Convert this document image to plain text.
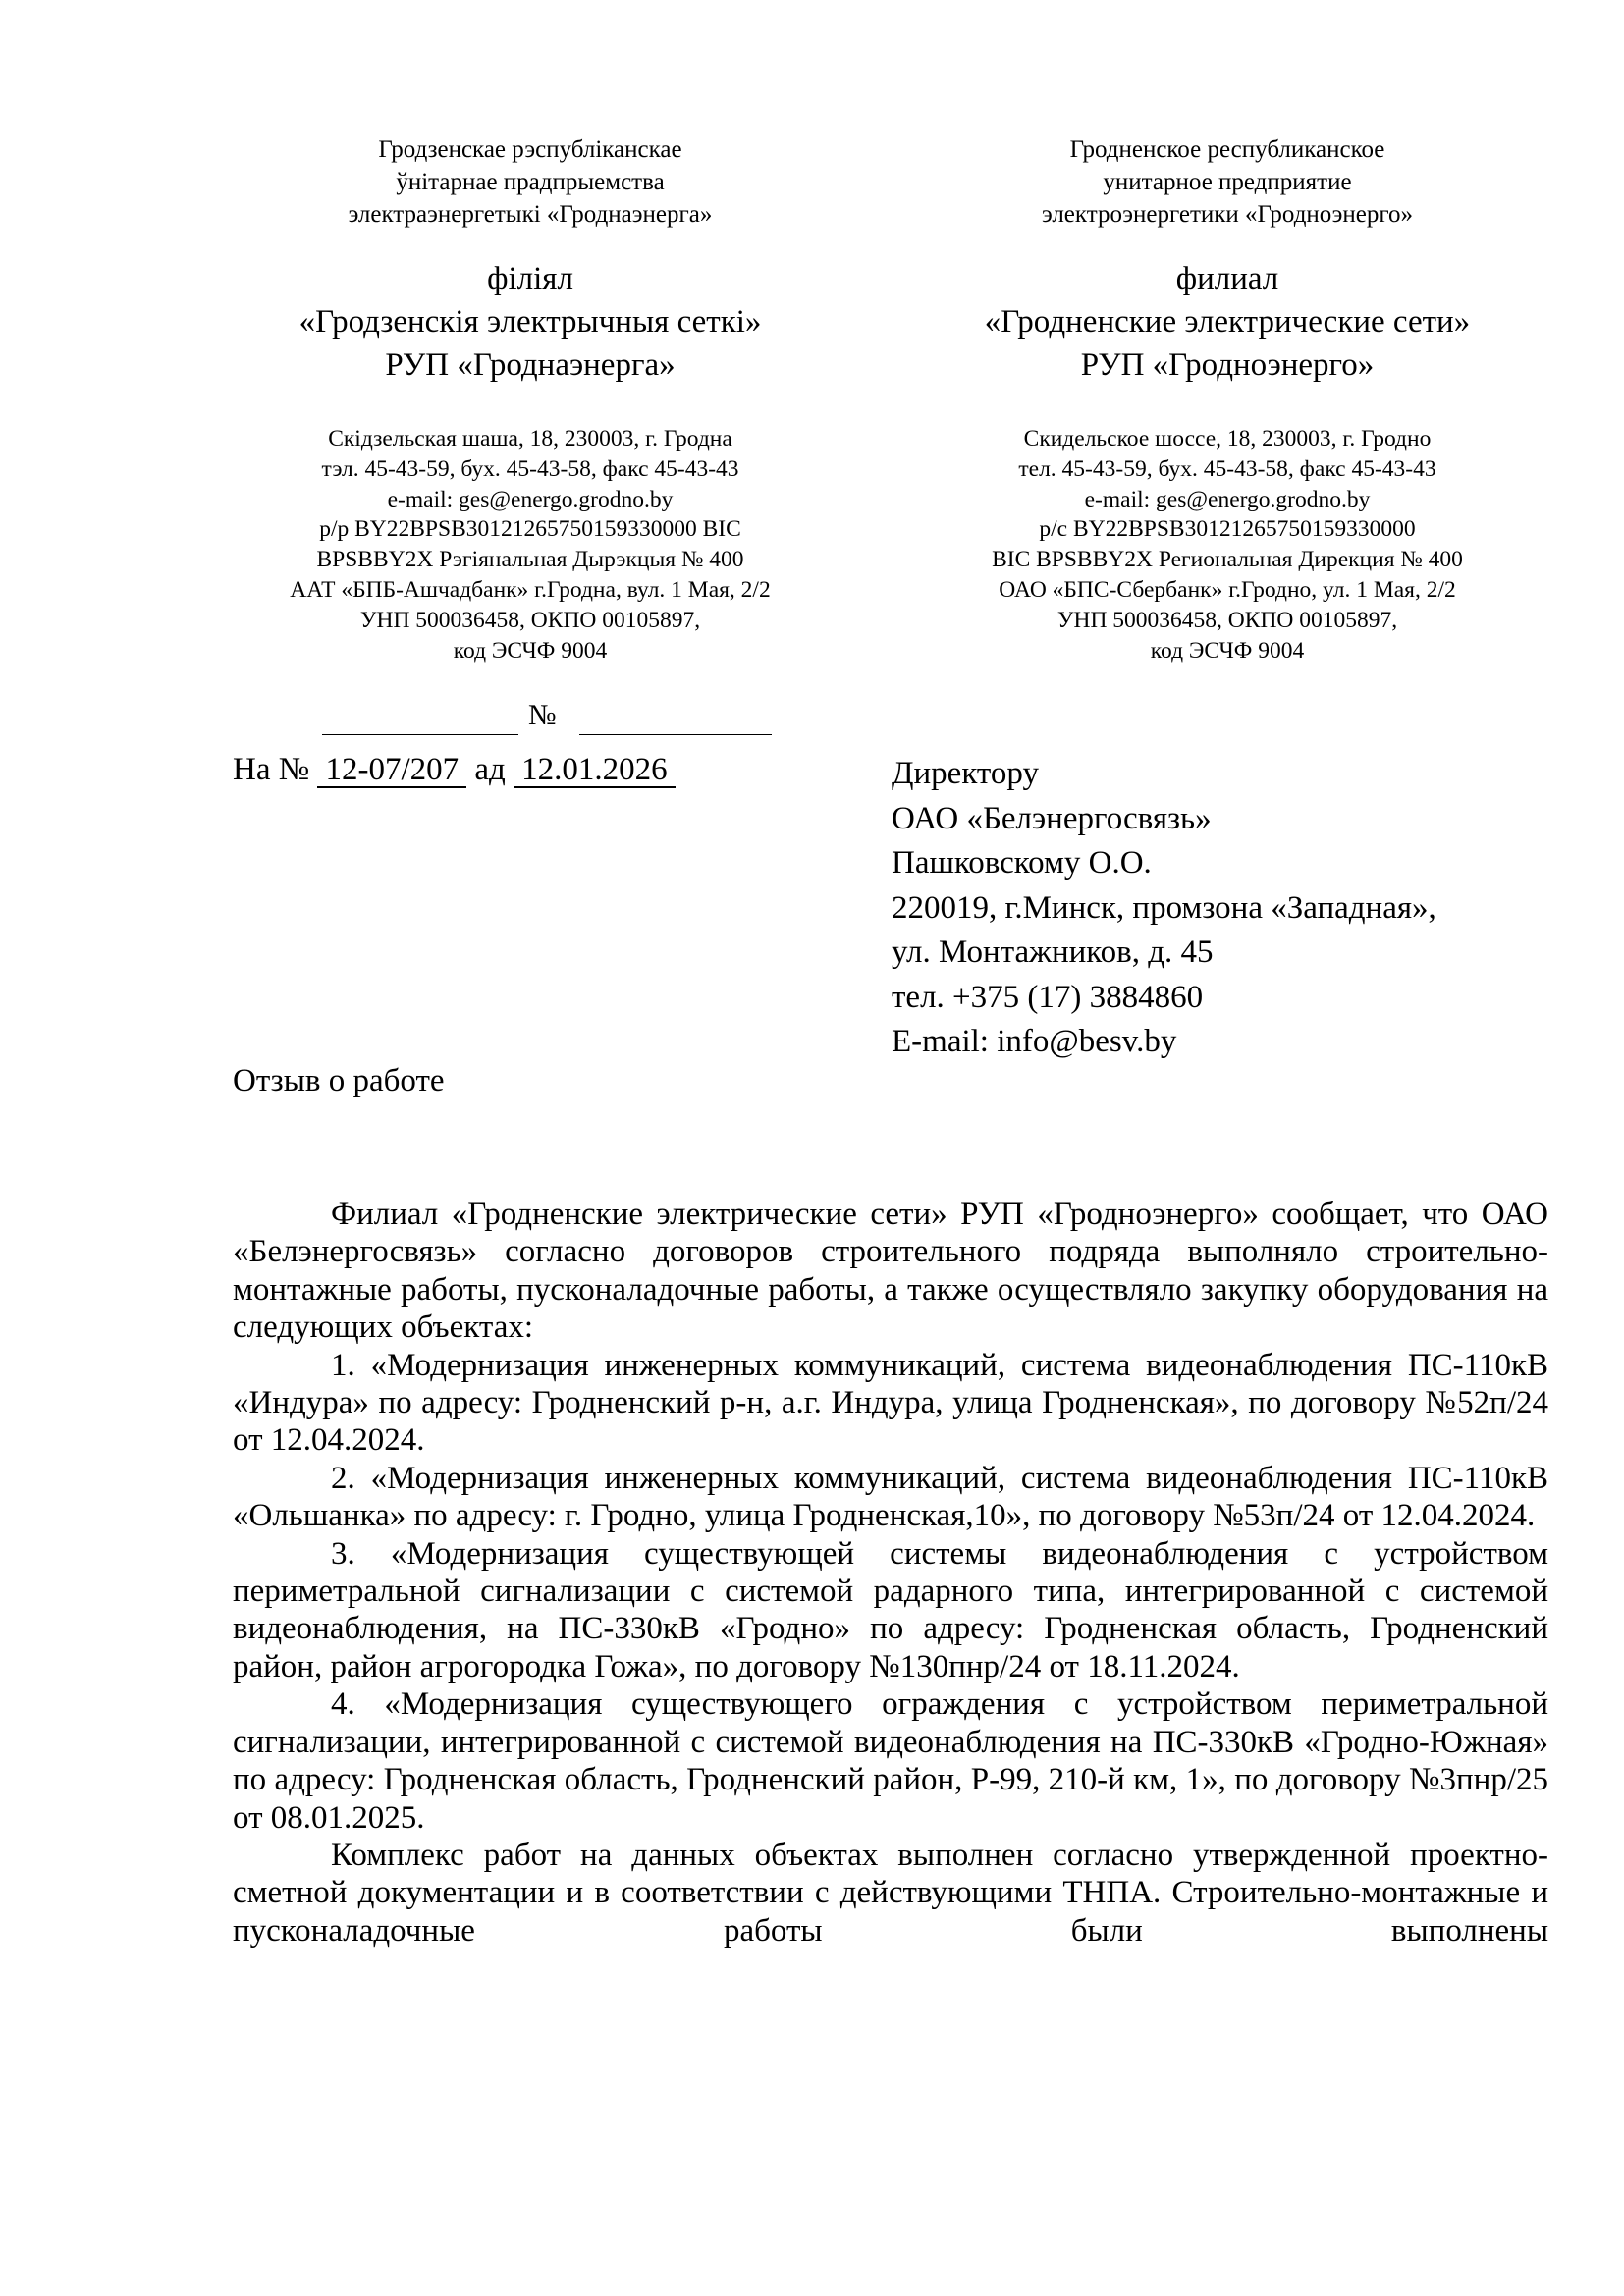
Гродзенскае рэспубліканскае
ўнітарнае прадпрыемства
электраэнергетыкі «Гроднаэнерга»
філіял
«Гродзенскія электрычныя сеткі»
РУП «Гроднаэнерга»
Скідзельская шаша, 18, 230003, г. Гродна
тэл. 45-43-59, бух. 45-43-58, факс 45-43-43
e-mail: ges@energo.grodno.by
р/р BY22BPSB30121265750159330000 BIC
BPSBBY2X Рэгіянальная Дырэкцыя № 400
ААТ «БПБ-Ашчадбанк» г.Гродна, вул. 1 Мая, 2/2
УНП 500036458, ОКПО 00105897,
код ЭСЧФ 9004
Гродненское республиканское
унитарное предприятие
электроэнергетики «Гродноэнерго»
филиал
«Гродненские электрические сети»
РУП «Гродноэнерго»
Скидельское шоссе, 18, 230003, г. Гродно
тел. 45-43-59, бух. 45-43-58, факс 45-43-43
e-mail: ges@energo.grodno.by
р/с BY22BPSB30121265750159330000
BIC BPSBBY2X Региональная Дирекция № 400
ОАО «БПС-Сбербанк» г.Гродно, ул. 1 Мая, 2/2
УНП 500036458, ОКПО 00105897,
код ЭСЧФ 9004
№
На № 12-07/207 ад 12.01.2026	Директору
ОАО «Белэнергосвязь»
Пашковскому О.О.
220019, г.Минск, промзона «Западная»,
ул. Монтажников, д. 45
тел. +375 (17) 3884860
E-mail: info@besv.by
Отзыв о работе

Филиал «Гродненские электрические сети» РУП «Гродноэнерго» сообщает, что ОАО «Белэнергосвязь» согласно договоров строительного подряда выполняло строительно-монтажные работы, пусконаладочные работы, а также осуществляло закупку оборудования на следующих объектах:

1. «Модернизация инженерных коммуникаций, система видеонаблюдения ПС-110кВ «Индура» по адресу: Гродненский р-н, а.г. Индура, улица Гродненская», по договору №52п/24 от 12.04.2024.

2. «Модернизация инженерных коммуникаций, система видеонаблюдения ПС-110кВ «Ольшанка» по адресу: г. Гродно, улица Гродненская,10», по договору №53п/24 от 12.04.2024.

3. «Модернизация существующей системы видеонаблюдения с устройством периметральной сигнализации с системой радарного типа, интегрированной с системой видеонаблюдения, на ПС-330кВ «Гродно» по адресу: Гродненская область, Гродненский район, район агрогородка Гожа», по договору №130пнр/24 от 18.11.2024.

4. «Модернизация существующего ограждения с устройством периметральной сигнализации, интегрированной с системой видеонаблюдения на ПС-330кВ «Гродно-Южная» по адресу: Гродненская область, Гродненский район, Р-99, 210-й км, 1», по договору №3пнр/25 от 08.01.2025.

Комплекс работ на данных объектах выполнен согласно утвержденной проектно-сметной документации и в соответствии с действующими ТНПА. Строительно-монтажные и пусконаладочные работы были выполнены
